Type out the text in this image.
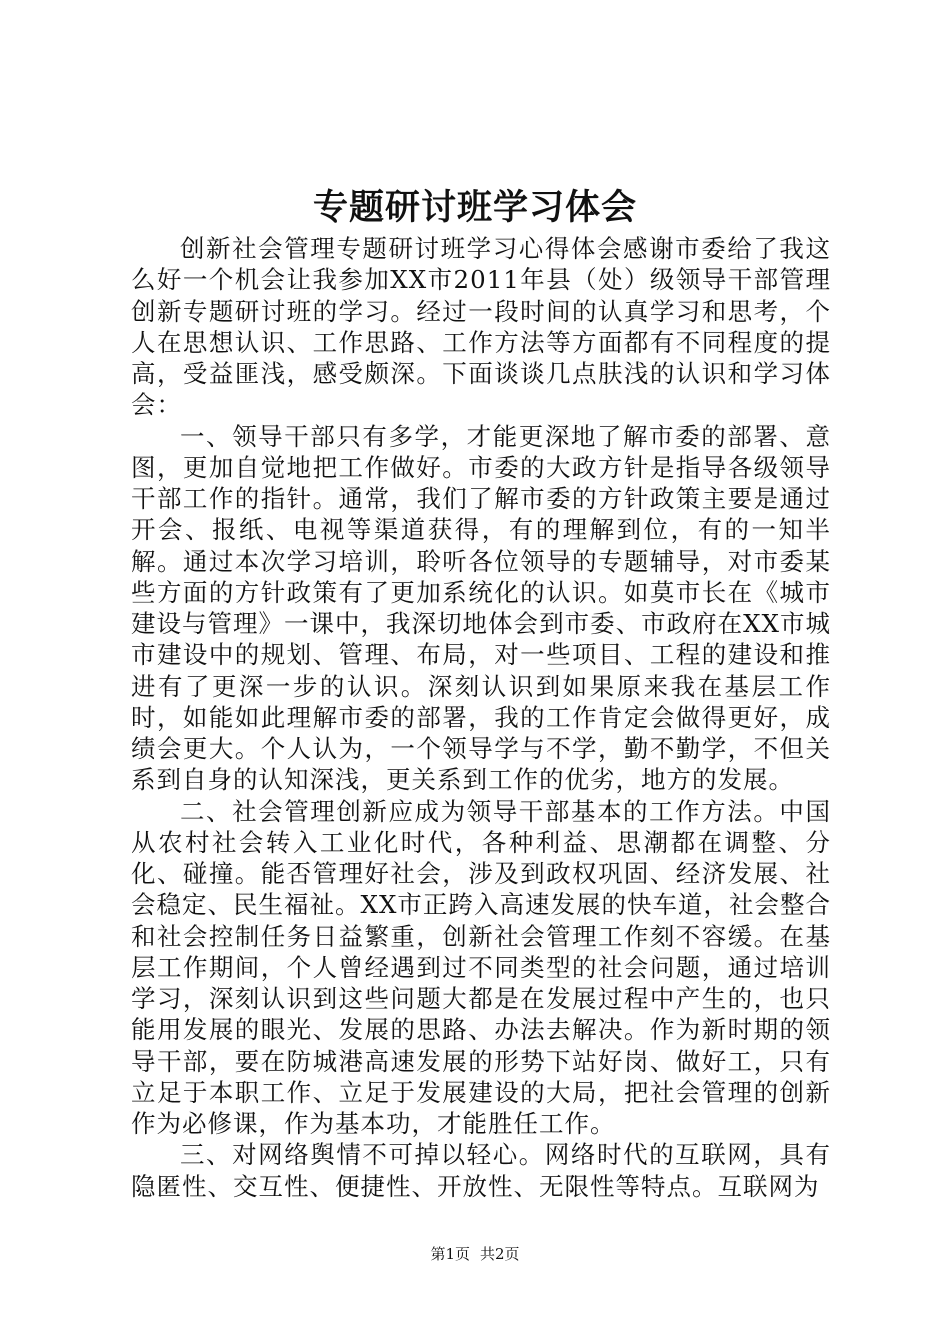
专题研讨班学习体会

创新社会管理专题研讨班学习心得体会感谢市委给了我这么好一个机会让我参加XX市2011年县（处）级领导干部管理创新专题研讨班的学习。经过一段时间的认真学习和思考，个人在思想认识、工作思路、工作方法等方面都有不同程度的提高，受益匪浅，感受颇深。下面谈谈几点肤浅的认识和学习体会：

一、领导干部只有多学，才能更深地了解市委的部署、意图，更加自觉地把工作做好。市委的大政方针是指导各级领导干部工作的指针。通常，我们了解市委的方针政策主要是通过开会、报纸、电视等渠道获得，有的理解到位，有的一知半解。通过本次学习培训，聆听各位领导的专题辅导，对市委某些方面的方针政策有了更加系统化的认识。如莫市长在《城市建设与管理》一课中，我深切地体会到市委、市政府在XX市城市建设中的规划、管理、布局，对一些项目、工程的建设和推进有了更深一步的认识。深刻认识到如果原来我在基层工作时，如能如此理解市委的部署，我的工作肯定会做得更好，成绩会更大。个人认为，一个领导学与不学，勤不勤学，不但关系到自身的认知深浅，更关系到工作的优劣，地方的发展。

二、社会管理创新应成为领导干部基本的工作方法。中国从农村社会转入工业化时代，各种利益、思潮都在调整、分化、碰撞。能否管理好社会，涉及到政权巩固、经济发展、社会稳定、民生福祉。XX市正跨入高速发展的快车道，社会整合和社会控制任务日益繁重，创新社会管理工作刻不容缓。在基层工作期间，个人曾经遇到过不同类型的社会问题，通过培训学习，深刻认识到这些问题大都是在发展过程中产生的，也只能用发展的眼光、发展的思路、办法去解决。作为新时期的领导干部，要在防城港高速发展的形势下站好岗、做好工，只有立足于本职工作、立足于发展建设的大局，把社会管理的创新作为必修课，作为基本功，才能胜任工作。

三、对网络舆情不可掉以轻心。网络时代的互联网，具有隐匿性、交互性、便捷性、开放性、无限性等特点。互联网为

第1页 共2页
